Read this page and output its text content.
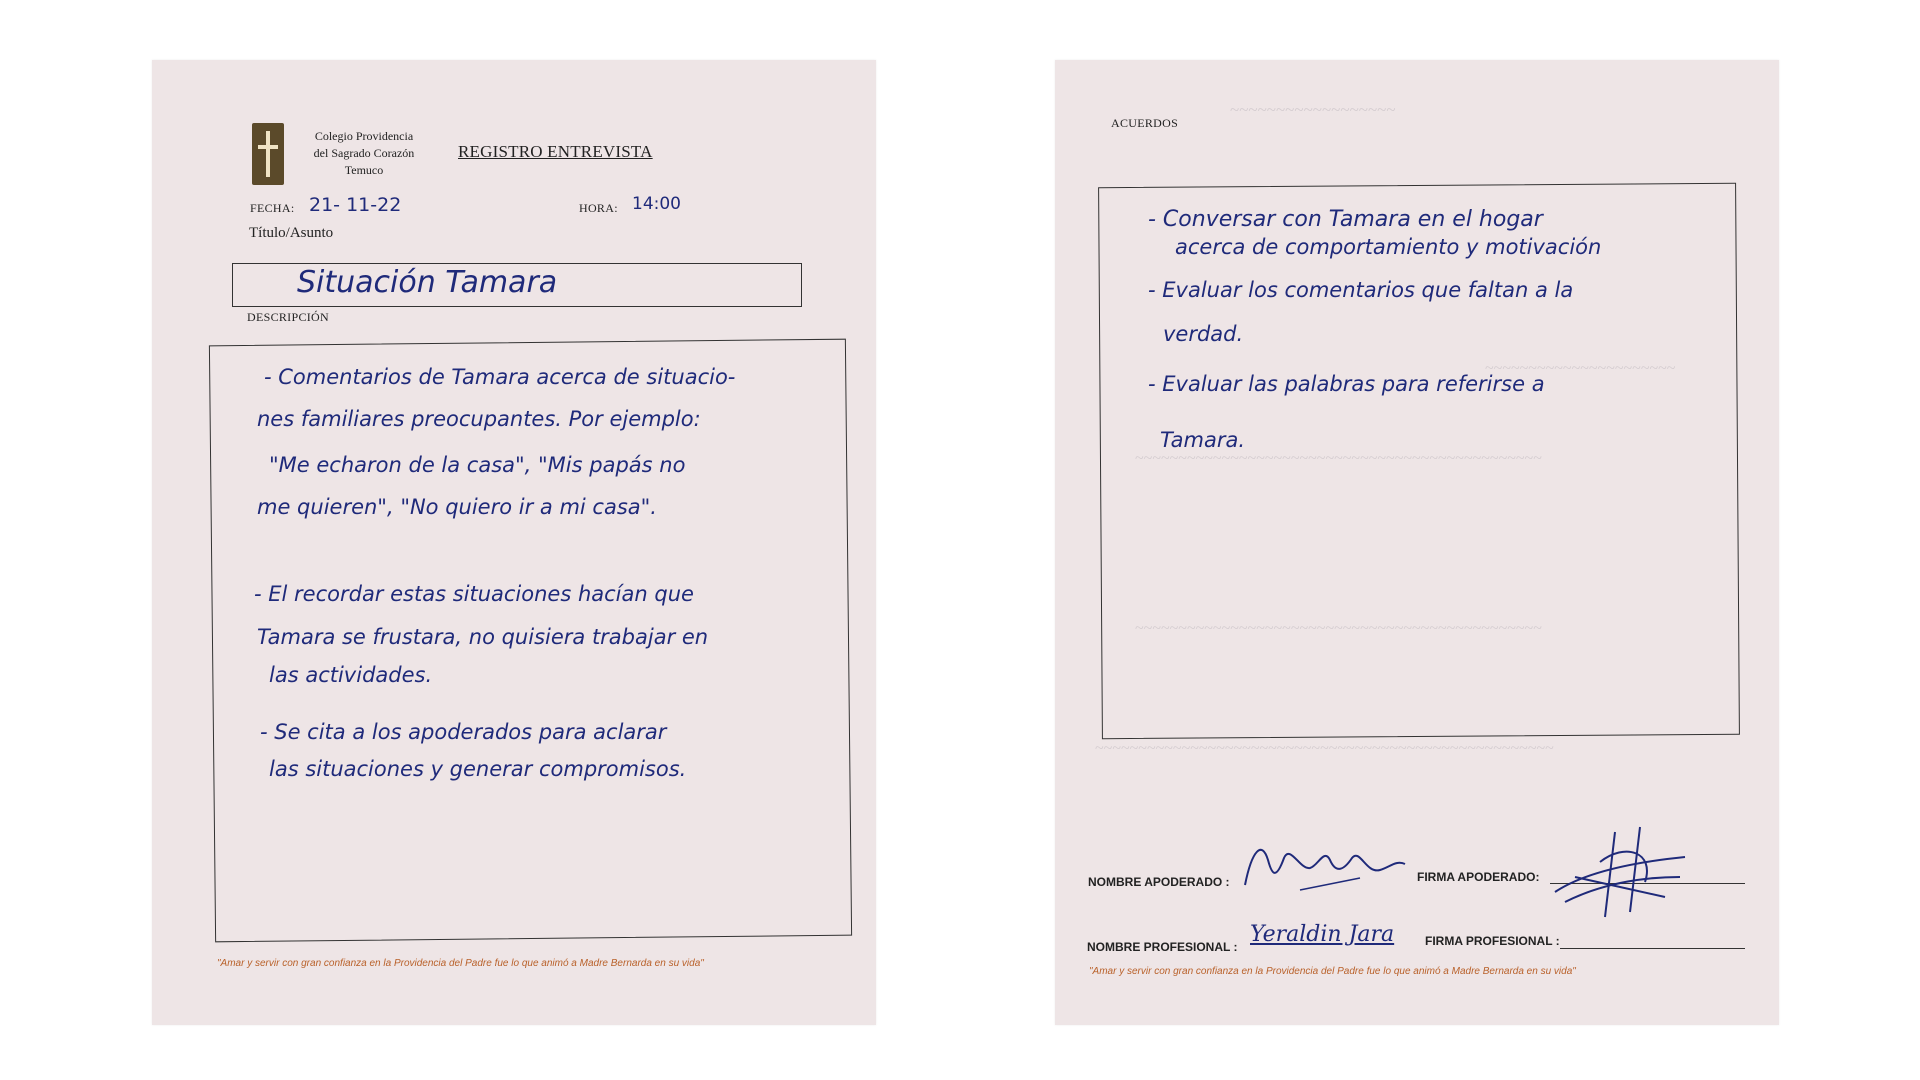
Colegio Providencia
del Sagrado Corazón
Temuco
REGISTRO ENTREVISTA
FECHA: 21- 11-22	HORA: 14:00
Título/Asunto
Situación Tamara
DESCRIPCIÓN
- Comentarios de Tamara acerca de situacio-
nes familiares preocupantes. Por ejemplo:
"Me echaron de la casa", "Mis papás no
me quieren", "No quiero ir a mi casa".
- El recordar estas situaciones hacían que
Tamara se frustara, no quisiera trabajar en
las actividades.
- Se cita a los apoderados para aclarar
las situaciones y generar compromisos.
"Amar y servir con gran confianza en la Providencia del Padre fue lo que animó a Madre Bernarda en su vida"
~~~~~~~~~~~~~~~~~~
~~~~~~~~~~~~~~~~~~~~~~
~~~~~~~~~~~~~~~~~~~~~~~~~~~~~~~~~~~~~~~~~~~~~~~
~~~~~~~~~~~~~~~~~~~~~~~~~~~~~~~~~~~~~~~~~~~~~~~
~~~~~~~~~~~~~~~~~~~~~~~~~~~~~~~~~~~~~~~~~~~~~~~~~~~~~
ACUERDOS
- Conversar con Tamara en el hogar
acerca de comportamiento y motivación
- Evaluar los comentarios que faltan a la
verdad.
- Evaluar las palabras para referirse a
Tamara.
NOMBRE APODERADO :	FIRMA APODERADO:
NOMBRE PROFESIONAL : Yeraldin Jara	FIRMA PROFESIONAL :
"Amar y servir con gran confianza en la Providencia del Padre fue lo que animó a Madre Bernarda en su vida"
